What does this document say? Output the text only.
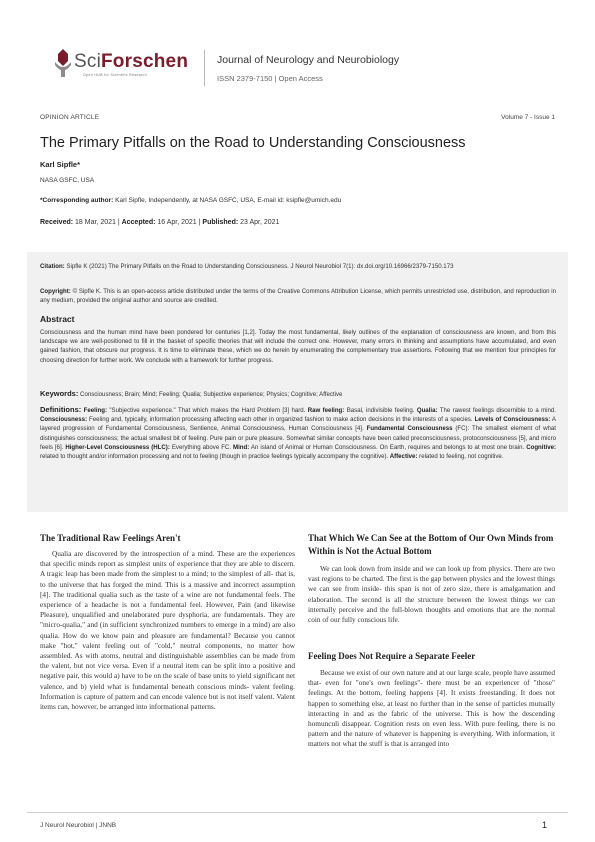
SciForschen
Open HUB for Scientific Research
Journal of Neurology and Neurobiology
ISSN 2379-7150 | Open Access
OPINION ARTICLE	Volume 7 - Issue 1
The Primary Pitfalls on the Road to Understanding Consciousness
Karl Sipfle*
NASA GSFC, USA
*Corresponding author: Karl Sipfle, Independently, at NASA GSFC, USA, E-mail id: ksipfle@umich.edu
Received: 18 Mar, 2021 | Accepted: 16 Apr, 2021 | Published: 23 Apr, 2021
Citation: Sipfle K (2021) The Primary Pitfalls on the Road to Understanding Consciousness. J Neurol Neurobiol 7(1): dx.doi.org/10.16966/2379-7150.173
Copyright: © Sipfle K. This is an open-access article distributed under the terms of the Creative Commons Attribution License, which permits unrestricted use, distribution, and reproduction in any medium, provided the original author and source are credited.
Abstract
Consciousness and the human mind have been pondered for centuries [1,2]. Today the most fundamental, likely outlines of the explanation of consciousness are known, and from this landscape we are well-positioned to fill in the basket of specific theories that will include the correct one. However, many errors in thinking and assumptions have accumulated, and even gained fashion, that obscure our progress. It is time to eliminate these, which we do herein by enumerating the complementary true assertions. Following that we mention four principles for choosing direction for further work. We conclude with a framework for further progress.
Keywords: Consciousness; Brain; Mind; Feeling; Qualia; Subjective experience; Physics; Cognitive; Affective
Definitions: Feeling: "Subjective experience." That which makes the Hard Problem [3] hard. Raw feeling: Basal, indivisible feeling. Qualia: The rawest feelings discernible to a mind. Consciousness: Feeling and, typically, information processing affecting each other in organized fashion to make action decisions in the interests of a species. Levels of Consciousness: A layered progression of Fundamental Consciousness, Sentience, Animal Consciousness, Human Consciousness [4]. Fundamental Consciousness (FC): The smallest element of what distinguishes consciousness; the actual smallest bit of feeling. Pure pain or pure pleasure. Somewhat similar concepts have been called preconsciousness, protoconsciousness [5], and micro feels [6]. Higher-Level Consciousness (HLC): Everything above FC. Mind: An island of Animal or Human Consciousness. On Earth, requires and belongs to at most one brain. Cognitive: related to thought and/or information processing and not to feeling (though in practice feelings typically accompany the cognitive). Affective: related to feeling, not cognitive.
The Traditional Raw Feelings Aren't

Qualia are discovered by the introspection of a mind. These are the experiences that specific minds report as simplest units of experience that they are able to discern. A tragic leap has been made from the simplest to a mind; to the simplest of all- that is, to the universe that has forged the mind. This is a massive and incorrect assumption [4]. The traditional qualia such as the taste of a wine are not fundamental feels. The experience of a headache is not a fundamental feel. However, Pain (and likewise Pleasure), unqualified and unelaborated pure dysphoria, are fundamentals. They are "micro-qualia," and (in sufficient synchronized numbers to emerge in a mind) are also qualia. How do we know pain and pleasure are fundamental? Because you cannot make "hot," valent feeling out of "cold," neutral components, no matter how assembled. As with atoms, neutral and distinguishable assemblies can be made from the valent, but not vice versa. Even if a neutral item can be split into a positive and negative pair, this would a) have to be on the scale of base units to yield significant net valence, and b) yield what is fundamental beneath conscious minds- valent feeling. Information is capture of pattern and can encode valence but is not itself valent. Valent items can, however, be arranged into informational patterns.

That Which We Can See at the Bottom of Our Own Minds from Within is Not the Actual Bottom

We can look down from inside and we can look up from physics. There are two vast regions to be charted. The first is the gap between physics and the lowest things we can see from inside- this span is not of zero size, there is amalgamation and elaboration. The second is all the structure between the lowest things we can internally perceive and the full-blown thoughts and emotions that are the normal coin of our fully conscious life.

Feeling Does Not Require a Separate Feeler

Because we exist of our own nature and at our large scale, people have assumed that- even for "one's own feelings"- there must be an experiencer of "those" feelings. At the bottom, feeling happens [4]. It exists freestanding. It does not happen to something else, at least no further than in the sense of particles mutually interacting in and as the fabric of the universe. This is how the descending homunculi disappear. Cognition rests on even less. With pure feeling, there is no pattern and the nature of whatever is happening is everything. With information, it matters not what the stuff is that is arranged into

J Neurol Neurobiol | JNNB	1
